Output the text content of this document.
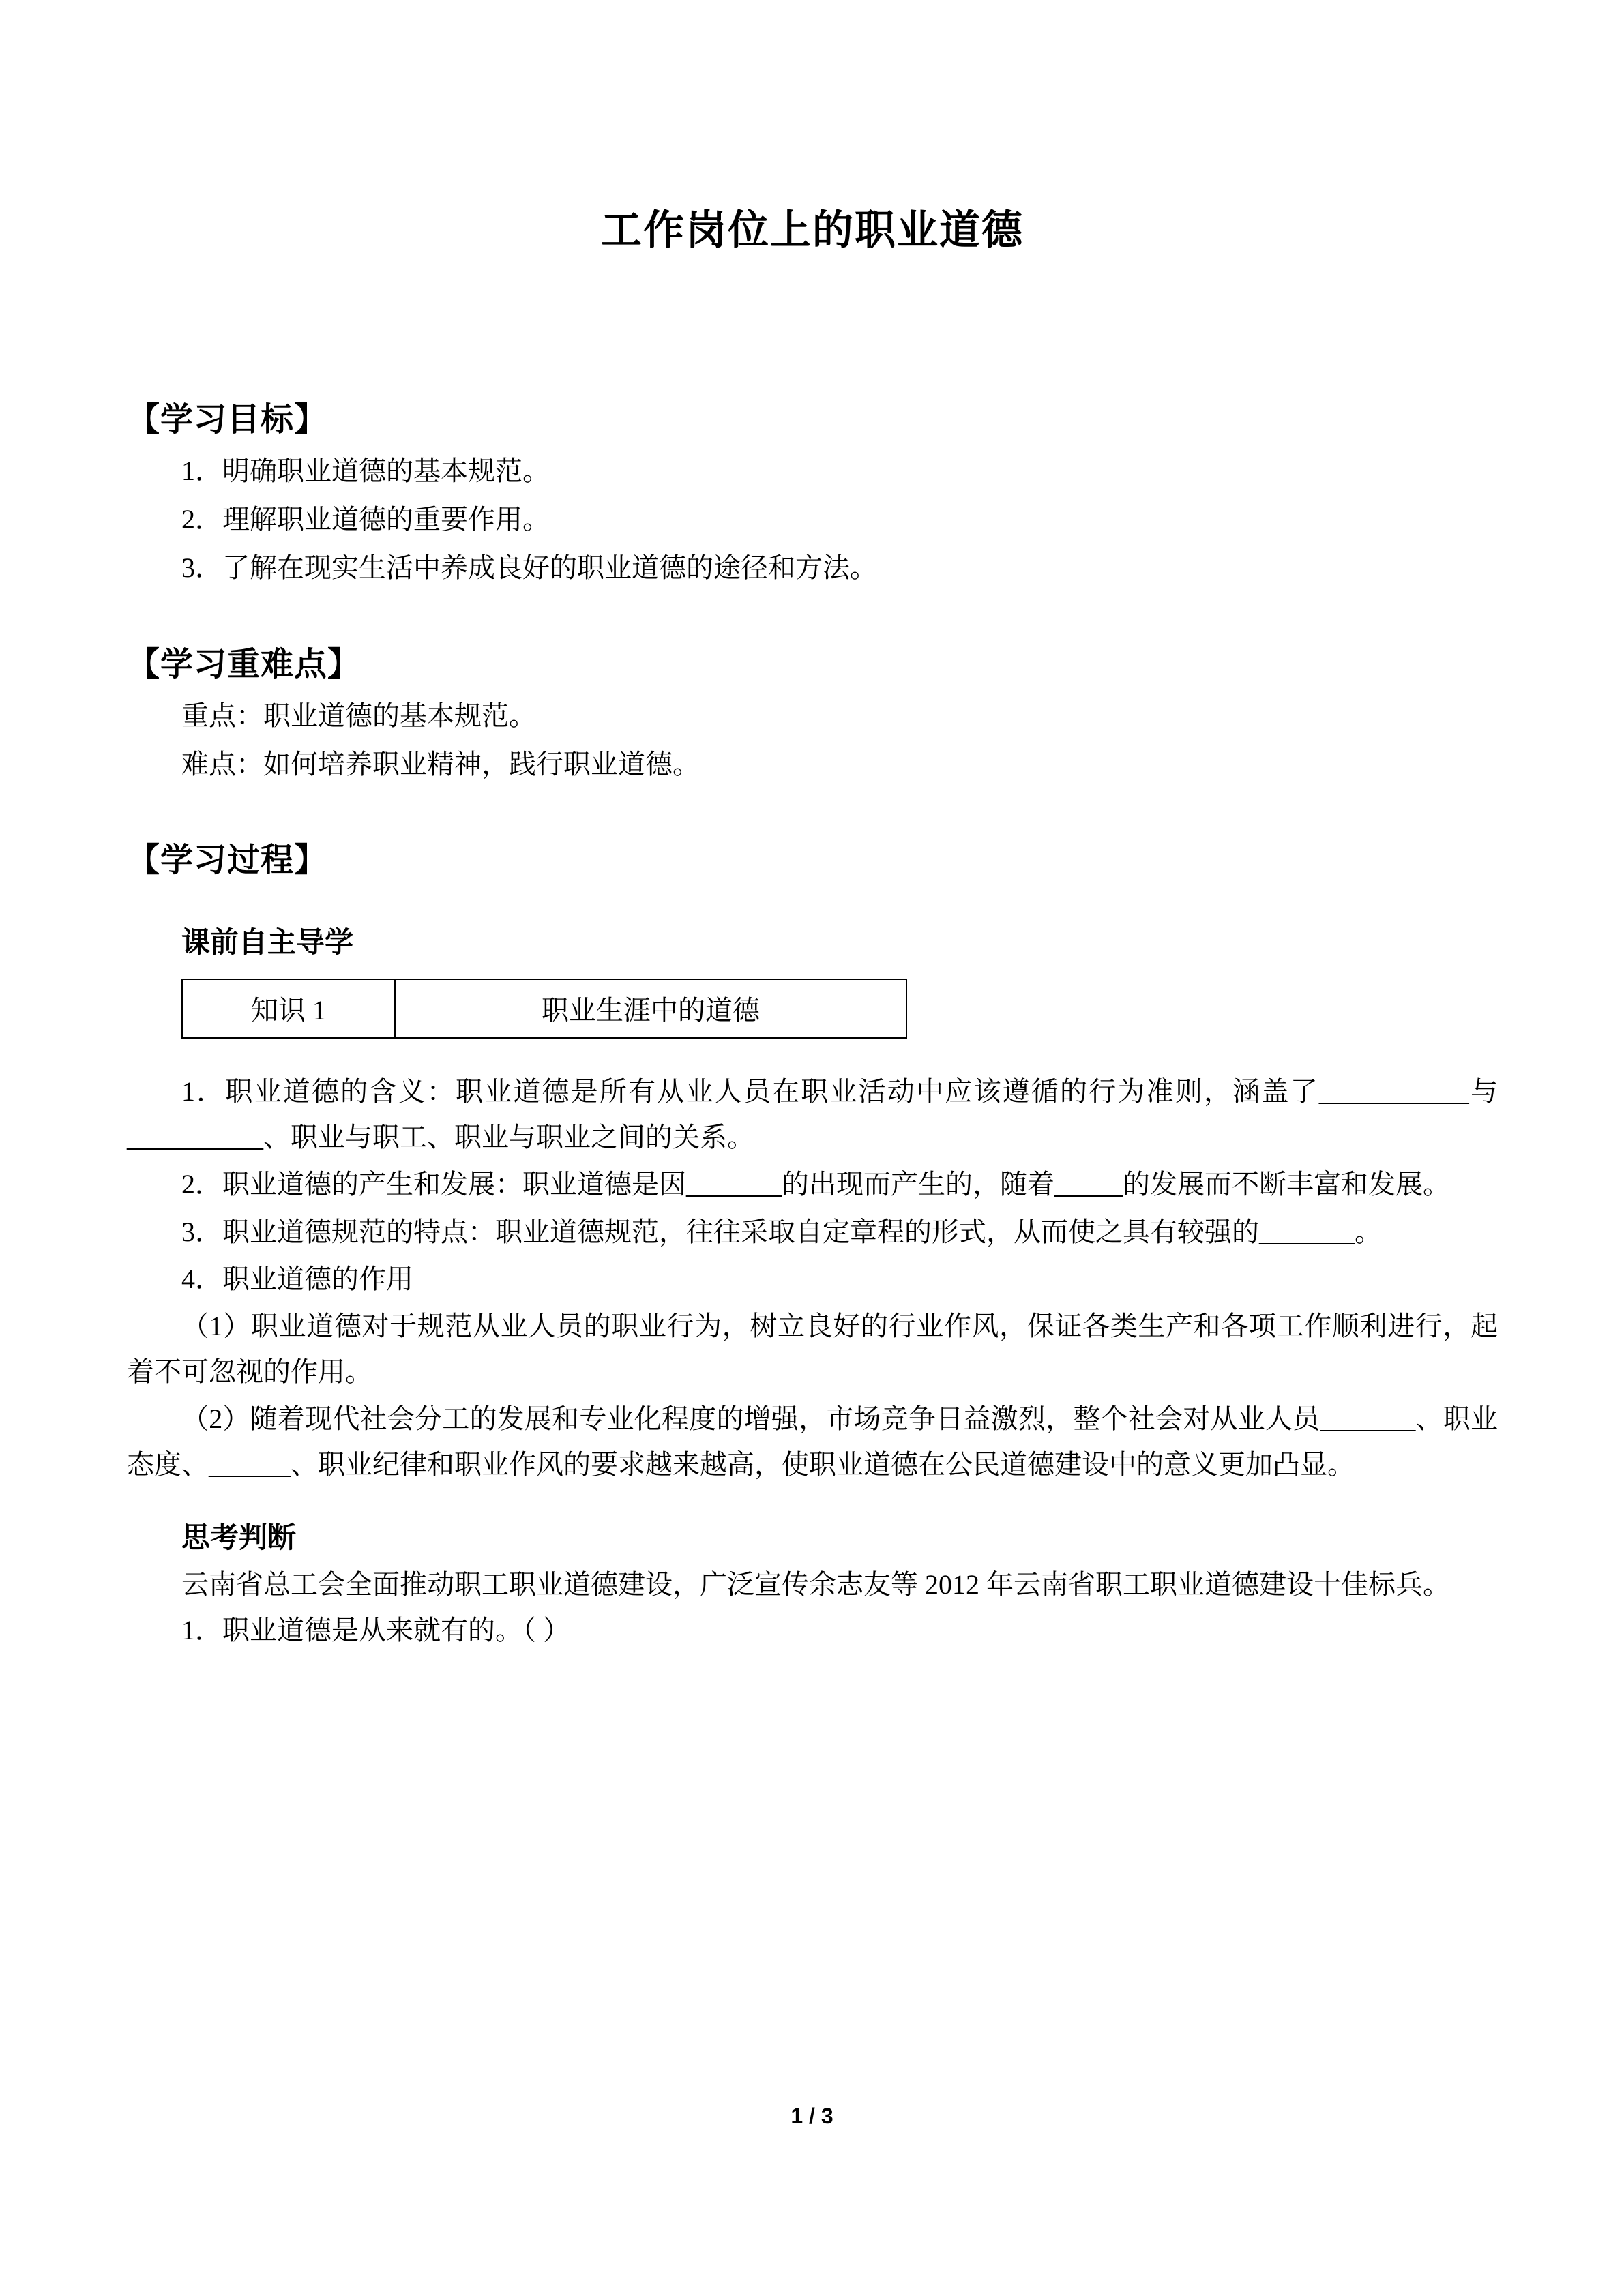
工作岗位上的职业道德
【学习目标】

1．明确职业道德的基本规范。

2．理解职业道德的重要作用。

3．了解在现实生活中养成良好的职业道德的途径和方法。

【学习重难点】

重点：职业道德的基本规范。

难点：如何培养职业精神，践行职业道德。

【学习过程】
课前自主导学
知识 1	职业生涯中的道德

1．职业道德的含义：职业道德是所有从业人员在职业活动中应该遵循的行为准则，涵盖了___________与__________、职业与职工、职业与职业之间的关系。

2．职业道德的产生和发展：职业道德是因_______的出现而产生的，随着_____的发展而不断丰富和发展。

3．职业道德规范的特点：职业道德规范，往往采取自定章程的形式，从而使之具有较强的_______。

4．职业道德的作用

（1）职业道德对于规范从业人员的职业行为，树立良好的行业作风，保证各类生产和各项工作顺利进行，起着不可忽视的作用。

（2）随着现代社会分工的发展和专业化程度的增强，市场竞争日益激烈，整个社会对从业人员_______、职业态度、______、职业纪律和职业作风的要求越来越高，使职业道德在公民道德建设中的意义更加凸显。

思考判断

云南省总工会全面推动职工职业道德建设，广泛宣传余志友等 2012 年云南省职工职业道德建设十佳标兵。

1．职业道德是从来就有的。（ ）

1 / 3
